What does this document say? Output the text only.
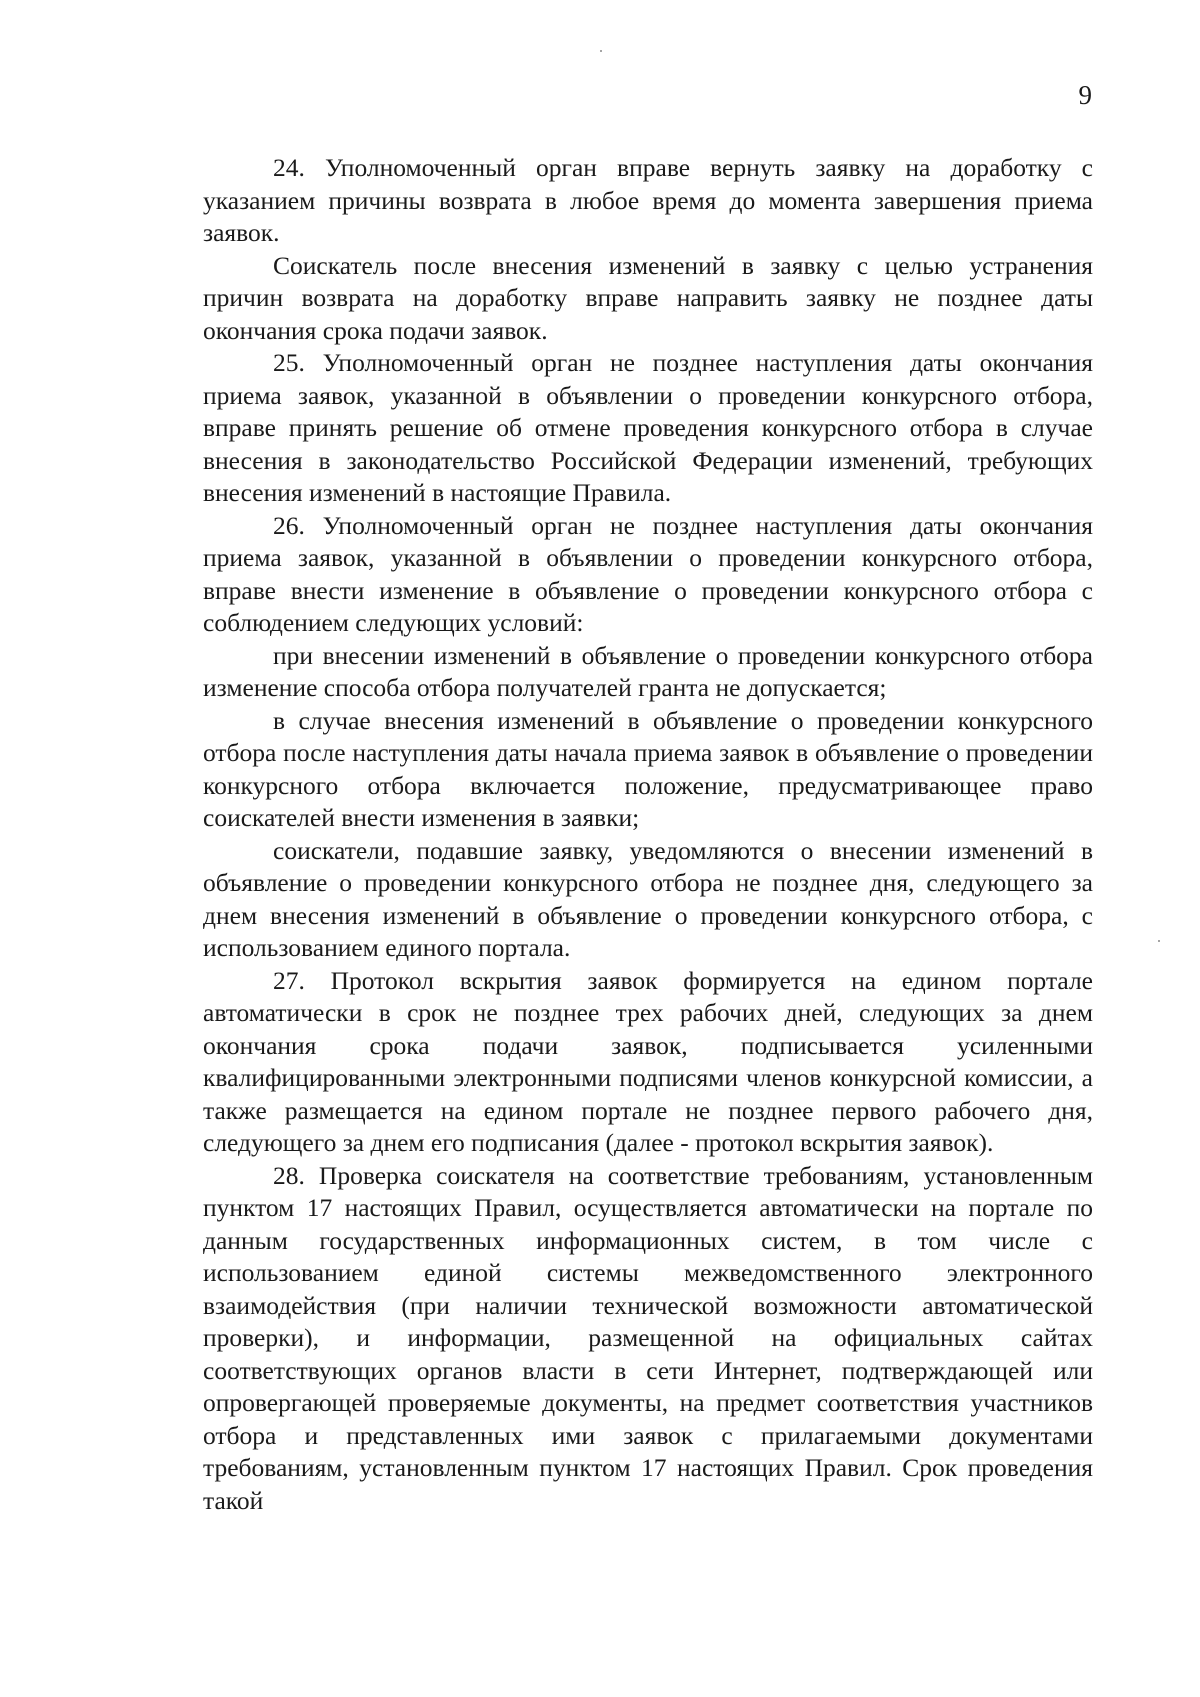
9

24. Уполномоченный орган вправе вернуть заявку на доработку с указанием причины возврата в любое время до момента завершения приема заявок.

Соискатель после внесения изменений в заявку с целью устранения причин возврата на доработку вправе направить заявку не позднее даты окончания срока подачи заявок.

25. Уполномоченный орган не позднее наступления даты окончания приема заявок, указанной в объявлении о проведении конкурсного отбора, вправе принять решение об отмене проведения конкурсного отбора в случае внесения в законодательство Российской Федерации изменений, требующих внесения изменений в настоящие Правила.

26. Уполномоченный орган не позднее наступления даты окончания приема заявок, указанной в объявлении о проведении конкурсного отбора, вправе внести изменение в объявление о проведении конкурсного отбора с соблюдением следующих условий:

при внесении изменений в объявление о проведении конкурсного отбора изменение способа отбора получателей гранта не допускается;

в случае внесения изменений в объявление о проведении конкурсного отбора после наступления даты начала приема заявок в объявление о проведении конкурсного отбора включается положение, предусматривающее право соискателей внести изменения в заявки;

соискатели, подавшие заявку, уведомляются о внесении изменений в объявление о проведении конкурсного отбора не позднее дня, следующего за днем внесения изменений в объявление о проведении конкурсного отбора, с использованием единого портала.

27. Протокол вскрытия заявок формируется на едином портале автоматически в срок не позднее трех рабочих дней, следующих за днем окончания срока подачи заявок, подписывается усиленными квалифицированными электронными подписями членов конкурсной комиссии, а также размещается на едином портале не позднее первого рабочего дня, следующего за днем его подписания (далее - протокол вскрытия заявок).

28. Проверка соискателя на соответствие требованиям, установленным пунктом 17 настоящих Правил, осуществляется автоматически на портале по данным государственных информационных систем, в том числе с использованием единой системы межведомственного электронного взаимодействия (при наличии технической возможности автоматической проверки), и информации, размещенной на официальных сайтах соответствующих органов власти в сети Интернет, подтверждающей или опровергающей проверяемые документы, на предмет соответствия участников отбора и представленных ими заявок с прилагаемыми документами требованиям, установленным пунктом 17 настоящих Правил. Срок проведения такой
